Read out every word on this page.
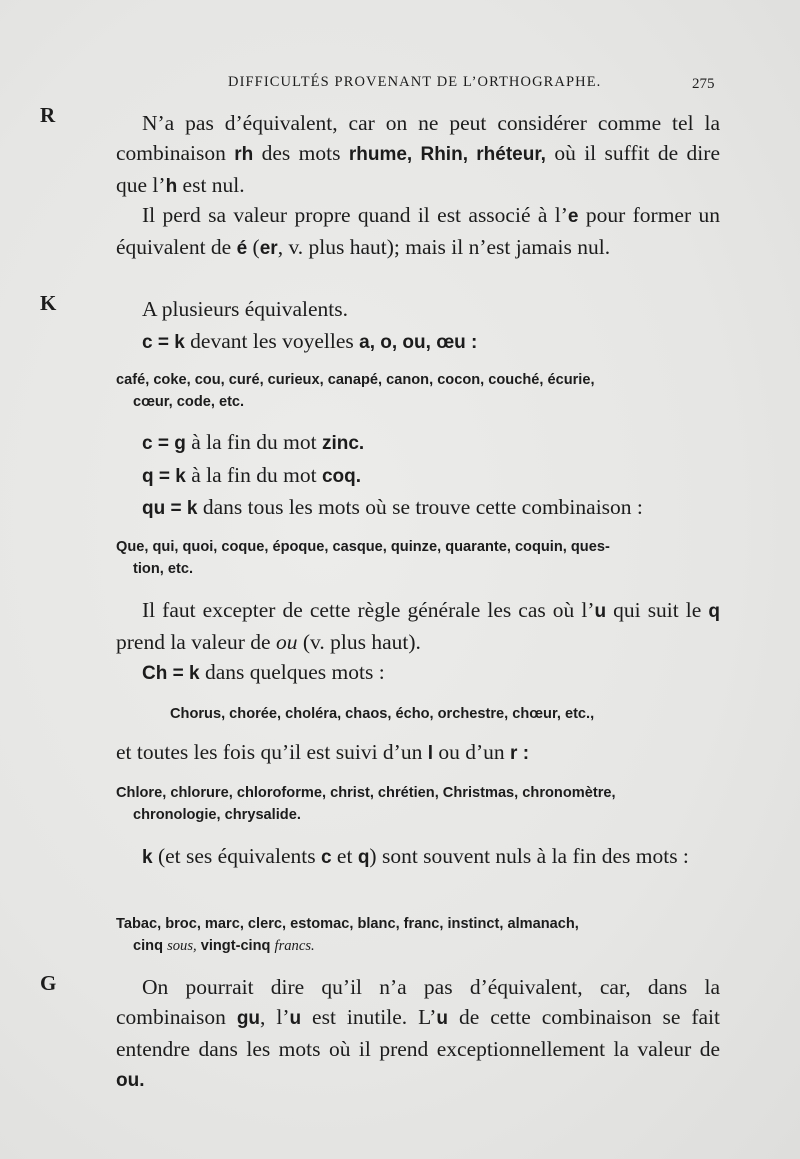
DIFFICULTÉS PROVENANT DE L’ORTHOGRAPHE.	275
R	N’a pas d’équivalent, car on ne peut considérer comme tel la combinaison rh des mots rhume, Rhin, rhéteur, où il suffit de dire que l’h est nul.

Il perd sa valeur propre quand il est associé à l’e pour former un équivalent de é (er, v. plus haut); mais il n’est jamais nul.

K	A plusieurs équivalents.
c = k devant les voyelles a, o, ou, œu :
café, coke, cou, curé, curieux, canapé, canon, cocon, couché, écurie,
cœur, code, etc.
c = g à la fin du mot zinc.
q = k à la fin du mot coq.
qu = k dans tous les mots où se trouve cette combinaison :
Que, qui, quoi, coque, époque, casque, quinze, quarante, coquin, ques-
tion, etc.

Il faut excepter de cette règle générale les cas où l’u qui suit le q prend la valeur de ou (v. plus haut).

Ch = k dans quelques mots :
Chorus, chorée, choléra, chaos, écho, orchestre, chœur, etc.,
et toutes les fois qu’il est suivi d’un l ou d’un r :
Chlore, chlorure, chloroforme, christ, chrétien, Christmas, chronomètre,
chronologie, chrysalide.

k (et ses équivalents c et q) sont souvent nuls à la fin des mots :

Tabac, broc, marc, clerc, estomac, blanc, franc, instinct, almanach,
cinq sous, vingt-cinq francs.
G	On pourrait dire qu’il n’a pas d’équivalent, car, dans la combinaison gu, l’u est inutile. L’u de cette combinaison se fait entendre dans les mots où il prend exceptionnellement la valeur de ou.
